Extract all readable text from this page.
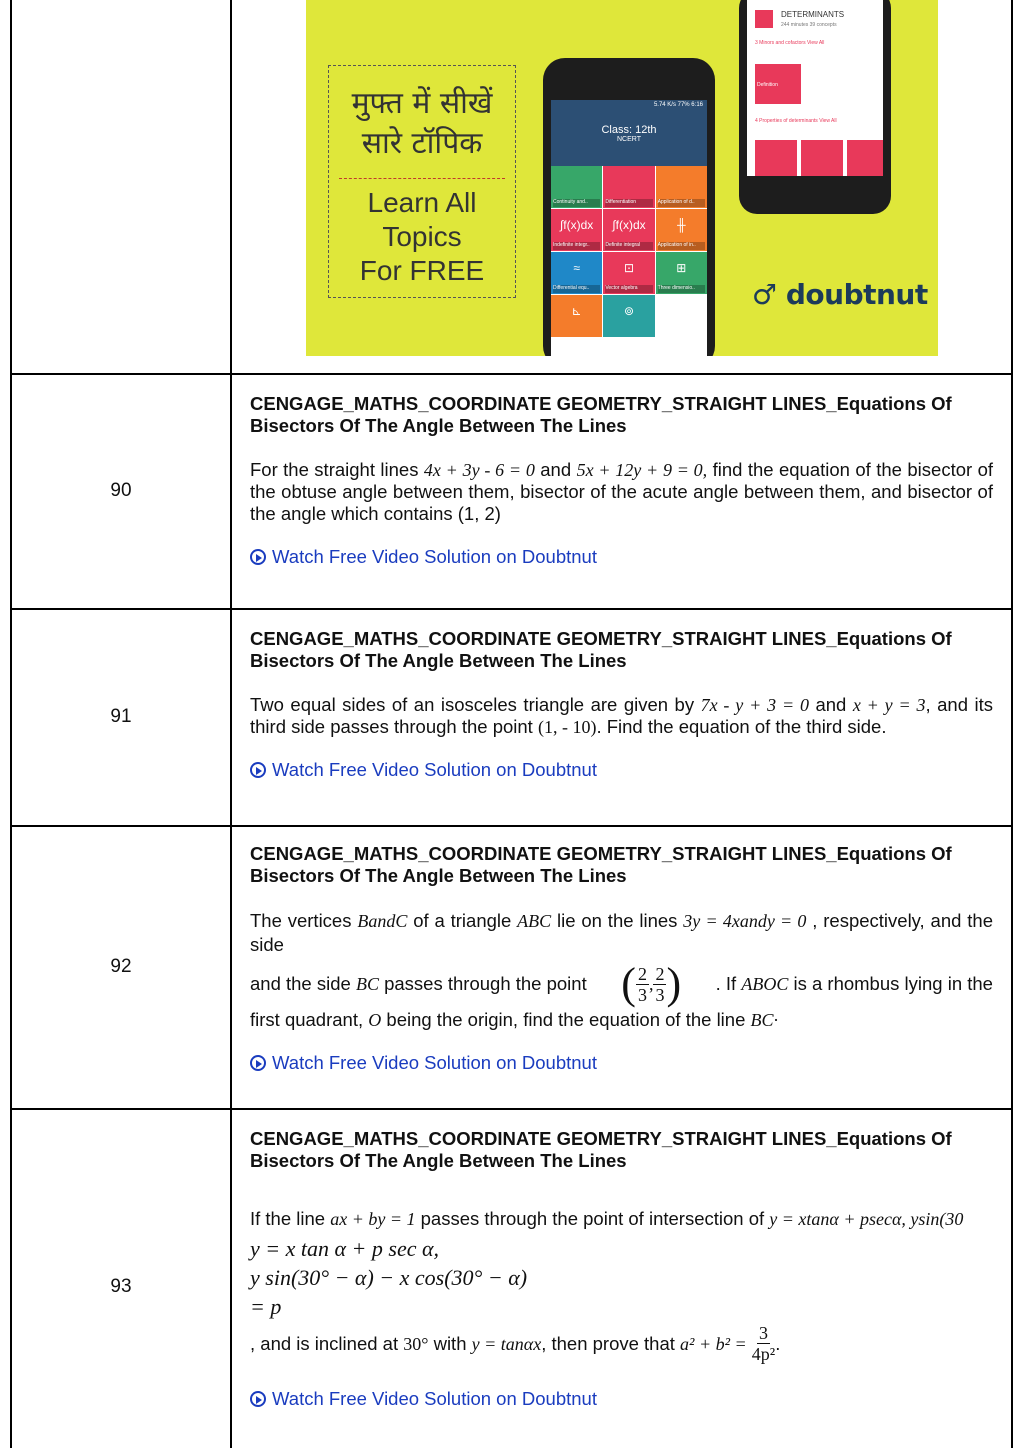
मुफ्त में सीखें
सारे टॉपिक
Learn All
Topics
For FREE
5.74 K/s 77% 6:16
Class: 12th
NCERT
Continuity and..	Differentiation	Application of d..
∫f(x)dx
Indefinite integr..
∫f(x)dx
Definite integral
╫
Application of in..
≈
Differential equ..
⊡
Vector algebra
⊞
Three dimensio..
⊾	⊚
DETERMINANTS
244 minutes 39 concepts
3 Minors and cofactors View All
Definition
4 Properties of determinants View All
♂ doubtnut
90
CENGAGE_MATHS_COORDINATE GEOMETRY_STRAIGHT LINES_Equations Of Bisectors Of The Angle Between The Lines
For the straight lines 4x + 3y - 6 = 0 and 5x + 12y + 9 = 0, find the equation of the bisector of the obtuse angle between them, bisector of the acute angle between them, and bisector of the angle which contains (1, 2)
Watch Free Video Solution on Doubtnut
91
CENGAGE_MATHS_COORDINATE GEOMETRY_STRAIGHT LINES_Equations Of Bisectors Of The Angle Between The Lines
Two equal sides of an isosceles triangle are given by 7x - y + 3 = 0 and x + y = 3, and its third side passes through the point (1, - 10). Find the equation of the third side.
Watch Free Video Solution on Doubtnut
92
CENGAGE_MATHS_COORDINATE GEOMETRY_STRAIGHT LINES_Equations Of Bisectors Of The Angle Between The Lines
The vertices BandC of a triangle ABC lie on the lines 3y = 4xandy = 0 , respectively, and the side
and the side BC passes through the point ( $\frac{2}{3}$ , $\frac{2}{3}$ ) . If ABOC is a rhombus lying in the
first quadrant, O being the origin, find the equation of the line BC·
Watch Free Video Solution on Doubtnut
93
CENGAGE_MATHS_COORDINATE GEOMETRY_STRAIGHT LINES_Equations Of Bisectors Of The Angle Between The Lines
If the line ax + by = 1 passes through the point of intersection of y = xtanα + psecα, ysin(30
y = x tan α + p sec α,
y sin(30° − α) − x cos(30° − α)
= p
, and is inclined at
30°
with y = tanαx , then prove that
a² + b² =
$\frac{3}{\text{4p²}}$ .
Watch Free Video Solution on Doubtnut
